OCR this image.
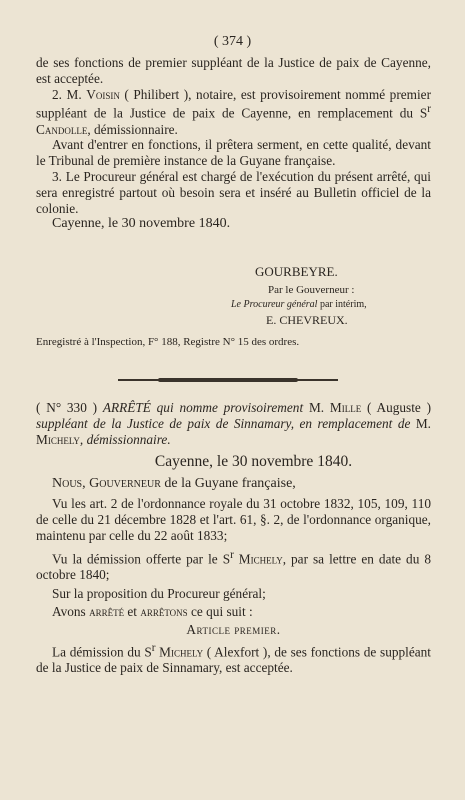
( 374 )

de ses fonctions de premier suppléant de la Justice de paix de Cayenne, est acceptée.

2. M. Voisin ( Philibert ), notaire, est provisoirement nommé premier suppléant de la Justice de paix de Cayenne, en remplacement du $S^r$ Candolle, démissionnaire.

Avant d'entrer en fonctions, il prêtera serment, en cette qualité, devant le Tribunal de première instance de la Guyane française.

3. Le Procureur général est chargé de l'exécution du présent arrêté, qui sera enregistré partout où besoin sera et inséré au Bulletin officiel de la colonie.

Cayenne, le 30 novembre 1840.

GOURBEYRE.
Par le Gouverneur :
Le Procureur général par intérim,
E. CHEVREUX.
Enregistré à l'Inspection, F° 188, Registre N° 15 des ordres.

( N° 330 ) ARRÊTÉ qui nomme provisoirement M. Mille ( Auguste ) suppléant de la Justice de paix de Sinnamary, en remplacement de M. Michely, démissionnaire.

Cayenne, le 30 novembre 1840.

Nous, Gouverneur de la Guyane française,

Vu les art. 2 de l'ordonnance royale du 31 octobre 1832, 105, 109, 110 de celle du 21 décembre 1828 et l'art. 61, §. 2, de l'ordonnance organique, maintenu par celle du 22 août 1833;

Vu la démission offerte par le $S^r$ Michely, par sa lettre en date du 8 octobre 1840;

Sur la proposition du Procureur général;

Avons arrêté et arrêtons ce qui suit :

Article premier.

La démission du $S^r$ Michely ( Alexfort ), de ses fonctions de suppléant de la Justice de paix de Sinnamary, est acceptée.
